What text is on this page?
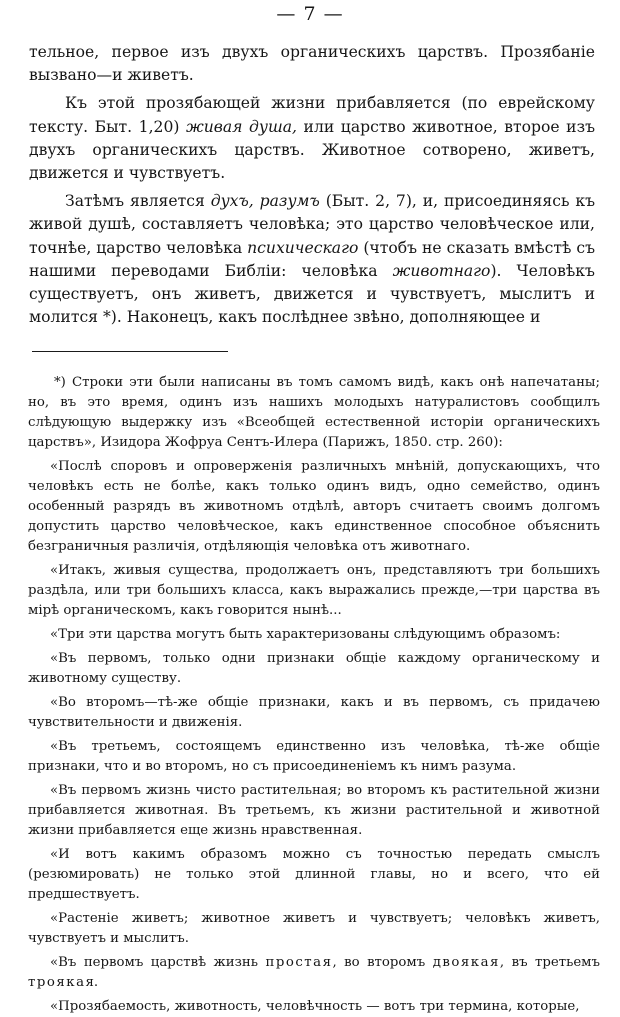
— 7 —

тельное, первое изъ двухъ органическихъ царствъ. Прозябаніе вызвано—и живетъ.

Къ этой прозябающей жизни прибавляется (по еврейскому тексту. Быт. 1,20) живая душа, или царство животное, второе изъ двухъ органическихъ царствъ. Животное сотворено, живетъ, движется и чувствуетъ.

Затѣмъ является духъ, разумъ (Быт. 2, 7), и, присоединяясь къ живой душѣ, составляетъ человѣка; это царство человѣческое или, точнѣе, царство человѣка психическаго (чтобъ не сказать вмѣстѣ съ нашими переводами Библіи: человѣка животнаго). Человѣкъ существуетъ, онъ живетъ, движется и чувствуетъ, мыслитъ и молится *). Наконецъ, какъ послѣднее звѣно, дополняющее и

*) Строки эти были написаны въ томъ самомъ видѣ, какъ онѣ напечатаны; но, въ это время, одинъ изъ нашихъ молодыхъ натуралистовъ сообщилъ слѣдующую выдержку изъ «Всеобщей естественной исторіи органическихъ царствъ», Изидора Жофруа Сентъ-Илера (Парижъ, 1850. стр. 260):

«Послѣ споровъ и опроверженія различныхъ мнѣній, допускающихъ, что человѣкъ есть не болѣе, какъ только одинъ видъ, одно семейство, одинъ особенный разрядъ въ животномъ отдѣлѣ, авторъ считаетъ своимъ долгомъ допустить царство человѣческое, какъ единственное способное объяснить безграничныя различія, отдѣляющія человѣка отъ животнаго.

«Итакъ, живыя существа, продолжаетъ онъ, представляютъ три большихъ раздѣла, или три большихъ класса, какъ выражались прежде,—три царства въ мірѣ органическомъ, какъ говорится нынѣ...

«Три эти царства могутъ быть характеризованы слѣдующимъ образомъ:

«Въ первомъ, только одни признаки общіе каждому органическому и животному существу.

«Во второмъ—тѣ-же общіе признаки, какъ и въ первомъ, съ придачею чувствительности и движенія.

«Въ третьемъ, состоящемъ единственно изъ человѣка, тѣ-же общіе признаки, что и во второмъ, но съ присоединеніемъ къ нимъ разума.

«Въ первомъ жизнь чисто растительная; во второмъ къ растительной жизни прибавляется животная. Въ третьемъ, къ жизни растительной и животной жизни прибавляется еще жизнь нравственная.

«И вотъ какимъ образомъ можно съ точностью передать смыслъ (резюмировать) не только этой длинной главы, но и всего, что ей предшествуетъ.

«Растеніе живетъ; животное живетъ и чувствуетъ; человѣкъ живетъ, чувствуетъ и мыслитъ.

«Въ первомъ царствѣ жизнь простая, во второмъ двоякая, въ третьемъ троякая.

«Прозябаемость, животность, человѣчность — вотъ три термина, которые,
